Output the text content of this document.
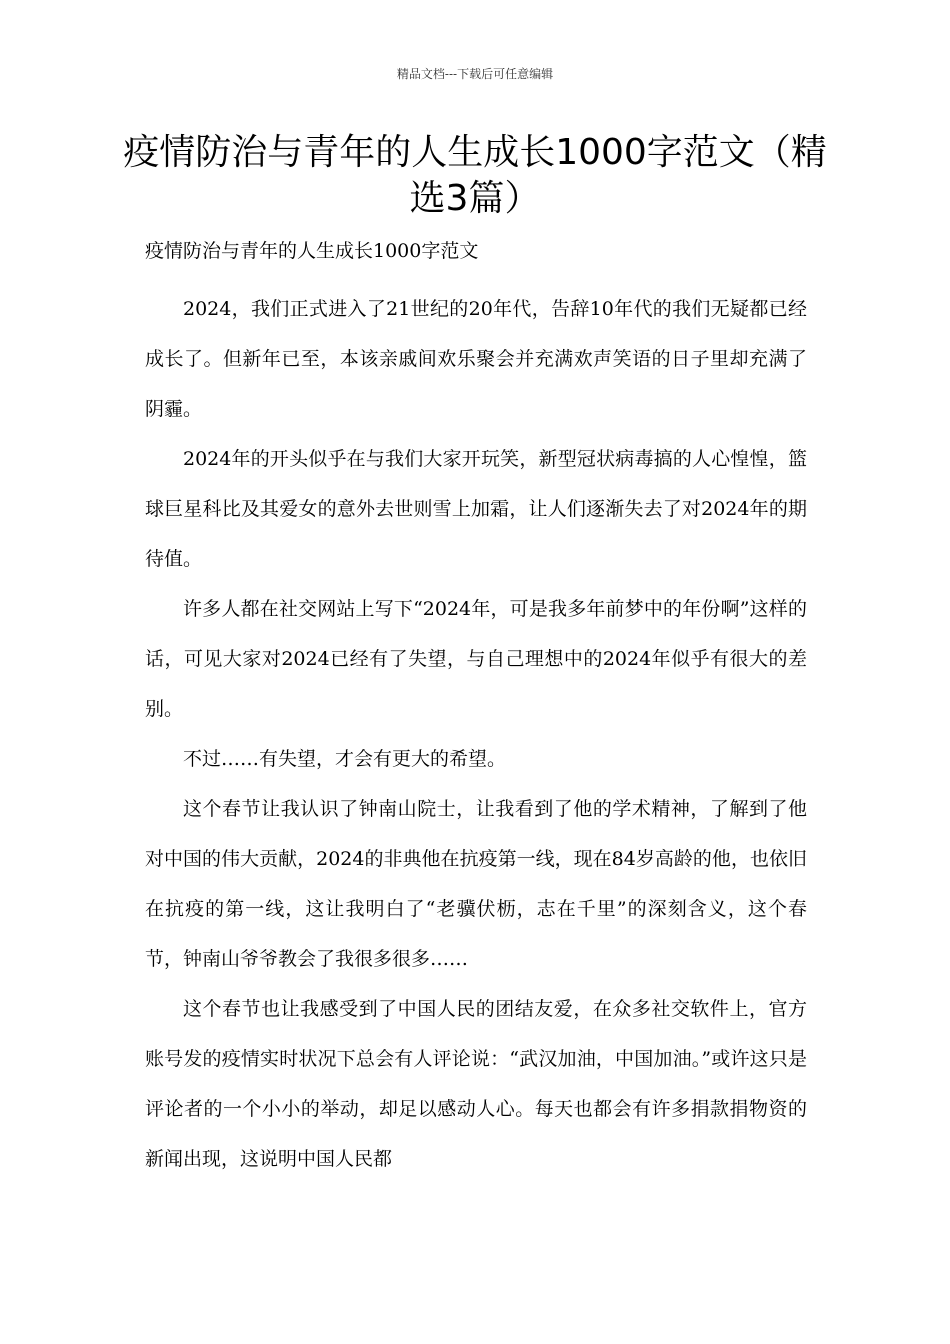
精品文档---下载后可任意编辑
疫情防治与青年的人生成长1000字范文（精选3篇）

疫情防治与青年的人生成长1000字范文

2024，我们正式进入了21世纪的20年代，告辞10年代的我们无疑都已经成长了。但新年已至，本该亲戚间欢乐聚会并充满欢声笑语的日子里却充满了阴霾。

2024年的开头似乎在与我们大家开玩笑，新型冠状病毒搞的人心惶惶，篮球巨星科比及其爱女的意外去世则雪上加霜，让人们逐渐失去了对2024年的期待值。

许多人都在社交网站上写下“2024年，可是我多年前梦中的年份啊”这样的话，可见大家对2024已经有了失望，与自己理想中的2024年似乎有很大的差别。

不过……有失望，才会有更大的希望。

这个春节让我认识了钟南山院士，让我看到了他的学术精神，了解到了他对中国的伟大贡献，2024的非典他在抗疫第一线，现在84岁高龄的他，也依旧在抗疫的第一线，这让我明白了“老骥伏枥，志在千里”的深刻含义，这个春节，钟南山爷爷教会了我很多很多……

这个春节也让我感受到了中国人民的团结友爱，在众多社交软件上，官方账号发的疫情实时状况下总会有人评论说：“武汉加油，中国加油。”或许这只是评论者的一个小小的举动，却足以感动人心。每天也都会有许多捐款捐物资的新闻出现，这说明中国人民都
